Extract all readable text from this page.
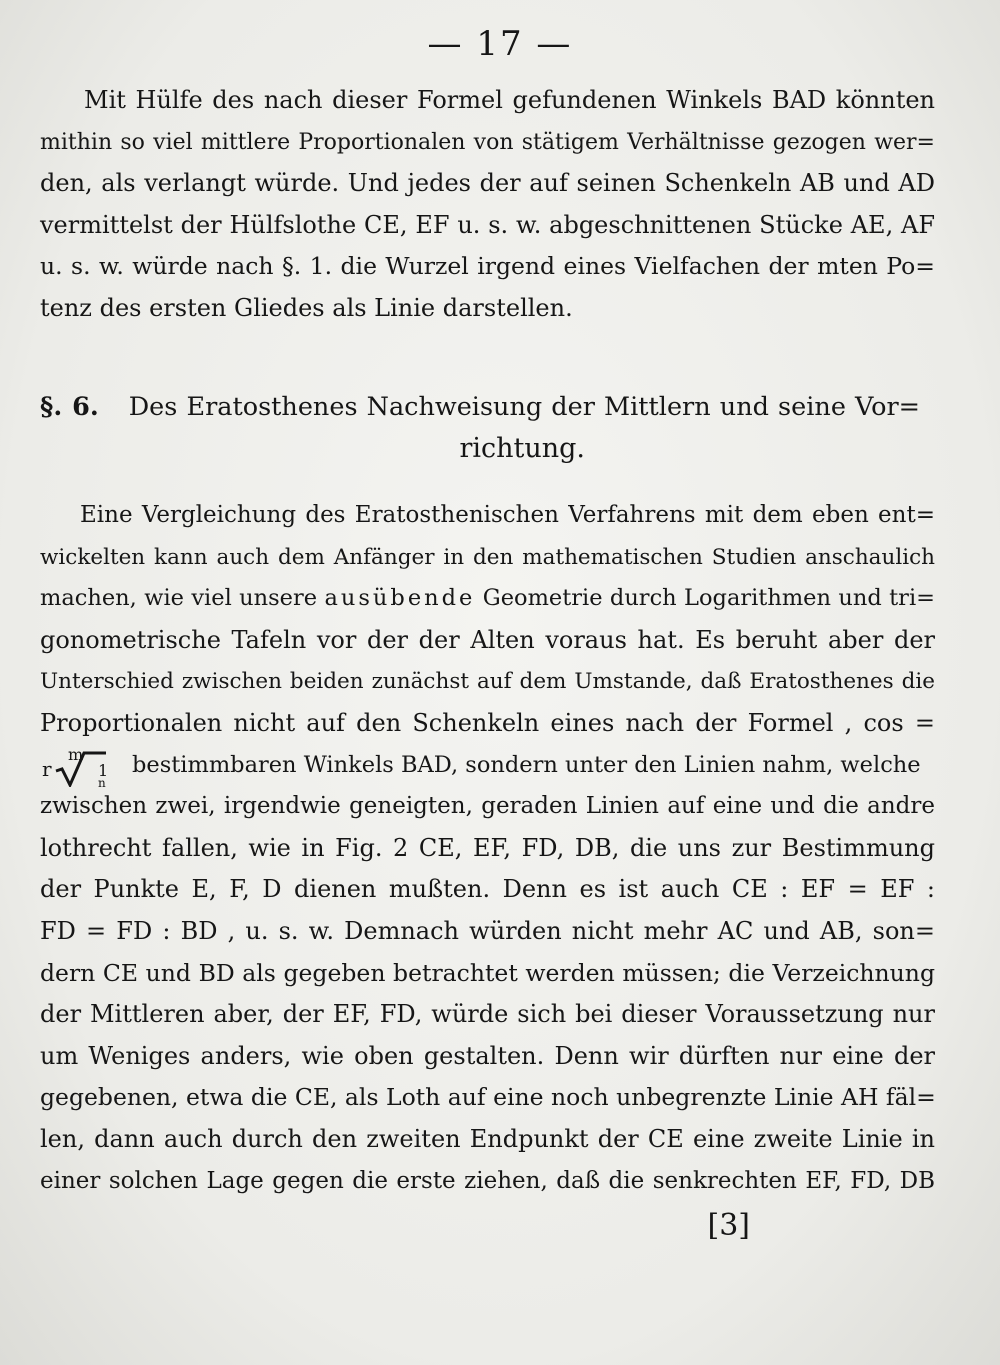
— 17 —
Mit Hülfe des nach dieser Formel gefundenen Winkels BAD könnten
mithin so viel mittlere Proportionalen von stätigem Verhältnisse gezogen wer=
den, als verlangt würde. Und jedes der auf seinen Schenkeln AB und AD
vermittelst der Hülfslothe CE, EF u. s. w. abgeschnittenen Stücke AE, AF
u. s. w. würde nach §. 1. die Wurzel irgend eines Vielfachen der mten Po=
tenz des ersten Gliedes als Linie darstellen.
§. 6. Des Eratosthenes Nachweisung der Mittlern und seine Vor=
richtung.
Eine Vergleichung des Eratosthenischen Verfahrens mit dem eben ent=
wickelten kann auch dem Anfänger in den mathematischen Studien anschaulich
machen, wie viel unsere ausübende Geometrie durch Logarithmen und tri=
gonometrische Tafeln vor der der Alten voraus hat. Es beruht aber der
Unterschied zwischen beiden zunächst auf dem Umstande, daß Eratosthenes die
Proportionalen nicht auf den Schenkeln eines nach der Formel , cos =
r
m
1
n
bestimmbaren Winkels BAD, sondern unter den Linien nahm, welche
zwischen zwei, irgendwie geneigten, geraden Linien auf eine und die andre
lothrecht fallen, wie in Fig. 2 CE, EF, FD, DB, die uns zur Bestimmung
der Punkte E, F, D dienen mußten. Denn es ist auch CE : EF = EF :
FD = FD : BD , u. s. w. Demnach würden nicht mehr AC und AB, son=
dern CE und BD als gegeben betrachtet werden müssen; die Verzeichnung
der Mittleren aber, der EF, FD, würde sich bei dieser Voraussetzung nur
um Weniges anders, wie oben gestalten. Denn wir dürften nur eine der
gegebenen, etwa die CE, als Loth auf eine noch unbegrenzte Linie AH fäl=
len, dann auch durch den zweiten Endpunkt der CE eine zweite Linie in
einer solchen Lage gegen die erste ziehen, daß die senkrechten EF, FD, DB
[3]
